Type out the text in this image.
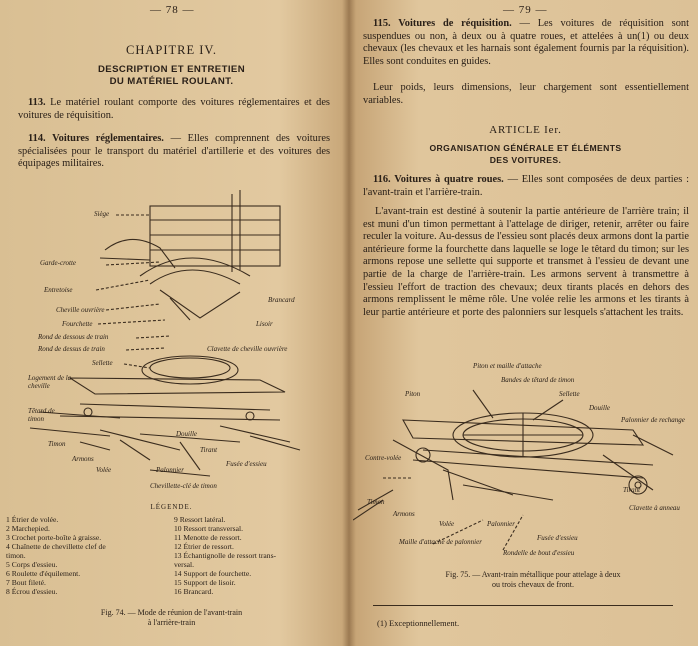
— 78 —
CHAPITRE IV.
DESCRIPTION ET ENTRETIEN
DU MATÉRIEL ROULANT.
113. Le matériel roulant comporte des voitures réglementaires et des voitures de réquisition.
114. Voitures réglementaires. — Elles comprennent des voitures spécialisées pour le transport du matériel d'artillerie et des voitures des équipages militaires.
Siège
Garde-crotte
Entretoise
Cheville ouvrière
Fourchette
Rond de dessous de train
Rond de dessus de train	Clavette de cheville ouvrière
Sellette
Logement de la cheville
Brancard
Lisoir
Têtard de timon
Timon
Armons
Volée	Palonnier
Tirant
Fusée d'essieu
Douille
Chevillette-clé de timon
LÉGENDE.
1 Étrier de volée.
2 Marchepied.
3 Crochet porte-boîte à graisse.
4 Chaînette de chevillette clef de
timon.
5 Corps d'essieu.
6 Roulette d'équilement.
7 Bout fileté.
8 Écrou d'essieu.
9 Ressort latéral.
10 Ressort transversal.
11 Menotte de ressort.
12 Étrier de ressort.
13 Échantignolle de ressort trans-
versal.
14 Support de fourchette.
15 Support de lisoir.
16 Brancard.
Fig. 74. — Mode de réunion de l'avant-train
à l'arrière-train
— 79 —
115. Voitures de réquisition. — Les voitures de réquisition sont suspendues ou non, à deux ou à quatre roues, et attelées à un(1) ou deux chevaux (les chevaux et les harnais sont également fournis par la réquisition). Elles sont conduites en guides.
Leur poids, leurs dimensions, leur chargement sont essentiellement variables.
ARTICLE Ier.
ORGANISATION GÉNÉRALE ET ÉLÉMENTS
DES VOITURES.
116. Voitures à quatre roues. — Elles sont composées de deux parties : l'avant-train et l'arrière-train.
L'avant-train est destiné à soutenir la partie antérieure de l'arrière train; il est muni d'un timon permettant à l'attelage de diriger, retenir, arrêter ou faire reculer la voiture. Au-dessus de l'essieu sont placés deux armons dont la partie antérieure forme la fourchette dans laquelle se loge le têtard du timon; sur les armons repose une sellette qui supporte et transmet à l'essieu de devant une partie de la charge de l'arrière-train. Les armons servent à transmettre à l'essieu l'effort de traction des chevaux; deux tirants placés en dehors des armons remplissent le même rôle. Une volée relie les armons et les tirants à leur partie antérieure et porte des palonniers sur lesquels s'attachent les traits.
Piton et maille d'attache
Bandes de têtard de timon
Piton	Sellette
Douille
Palonnier de rechange
Contre-volée
Timon
Armons
Volée	Palonnier
Tirant
Clavette à anneau
Maille d'attache de palonnier	Fusée d'essieu
Rondelle de bout d'essieu
Fig. 75. — Avant-train métallique pour attelage à deux
ou trois chevaux de front.
(1) Exceptionnellement.
